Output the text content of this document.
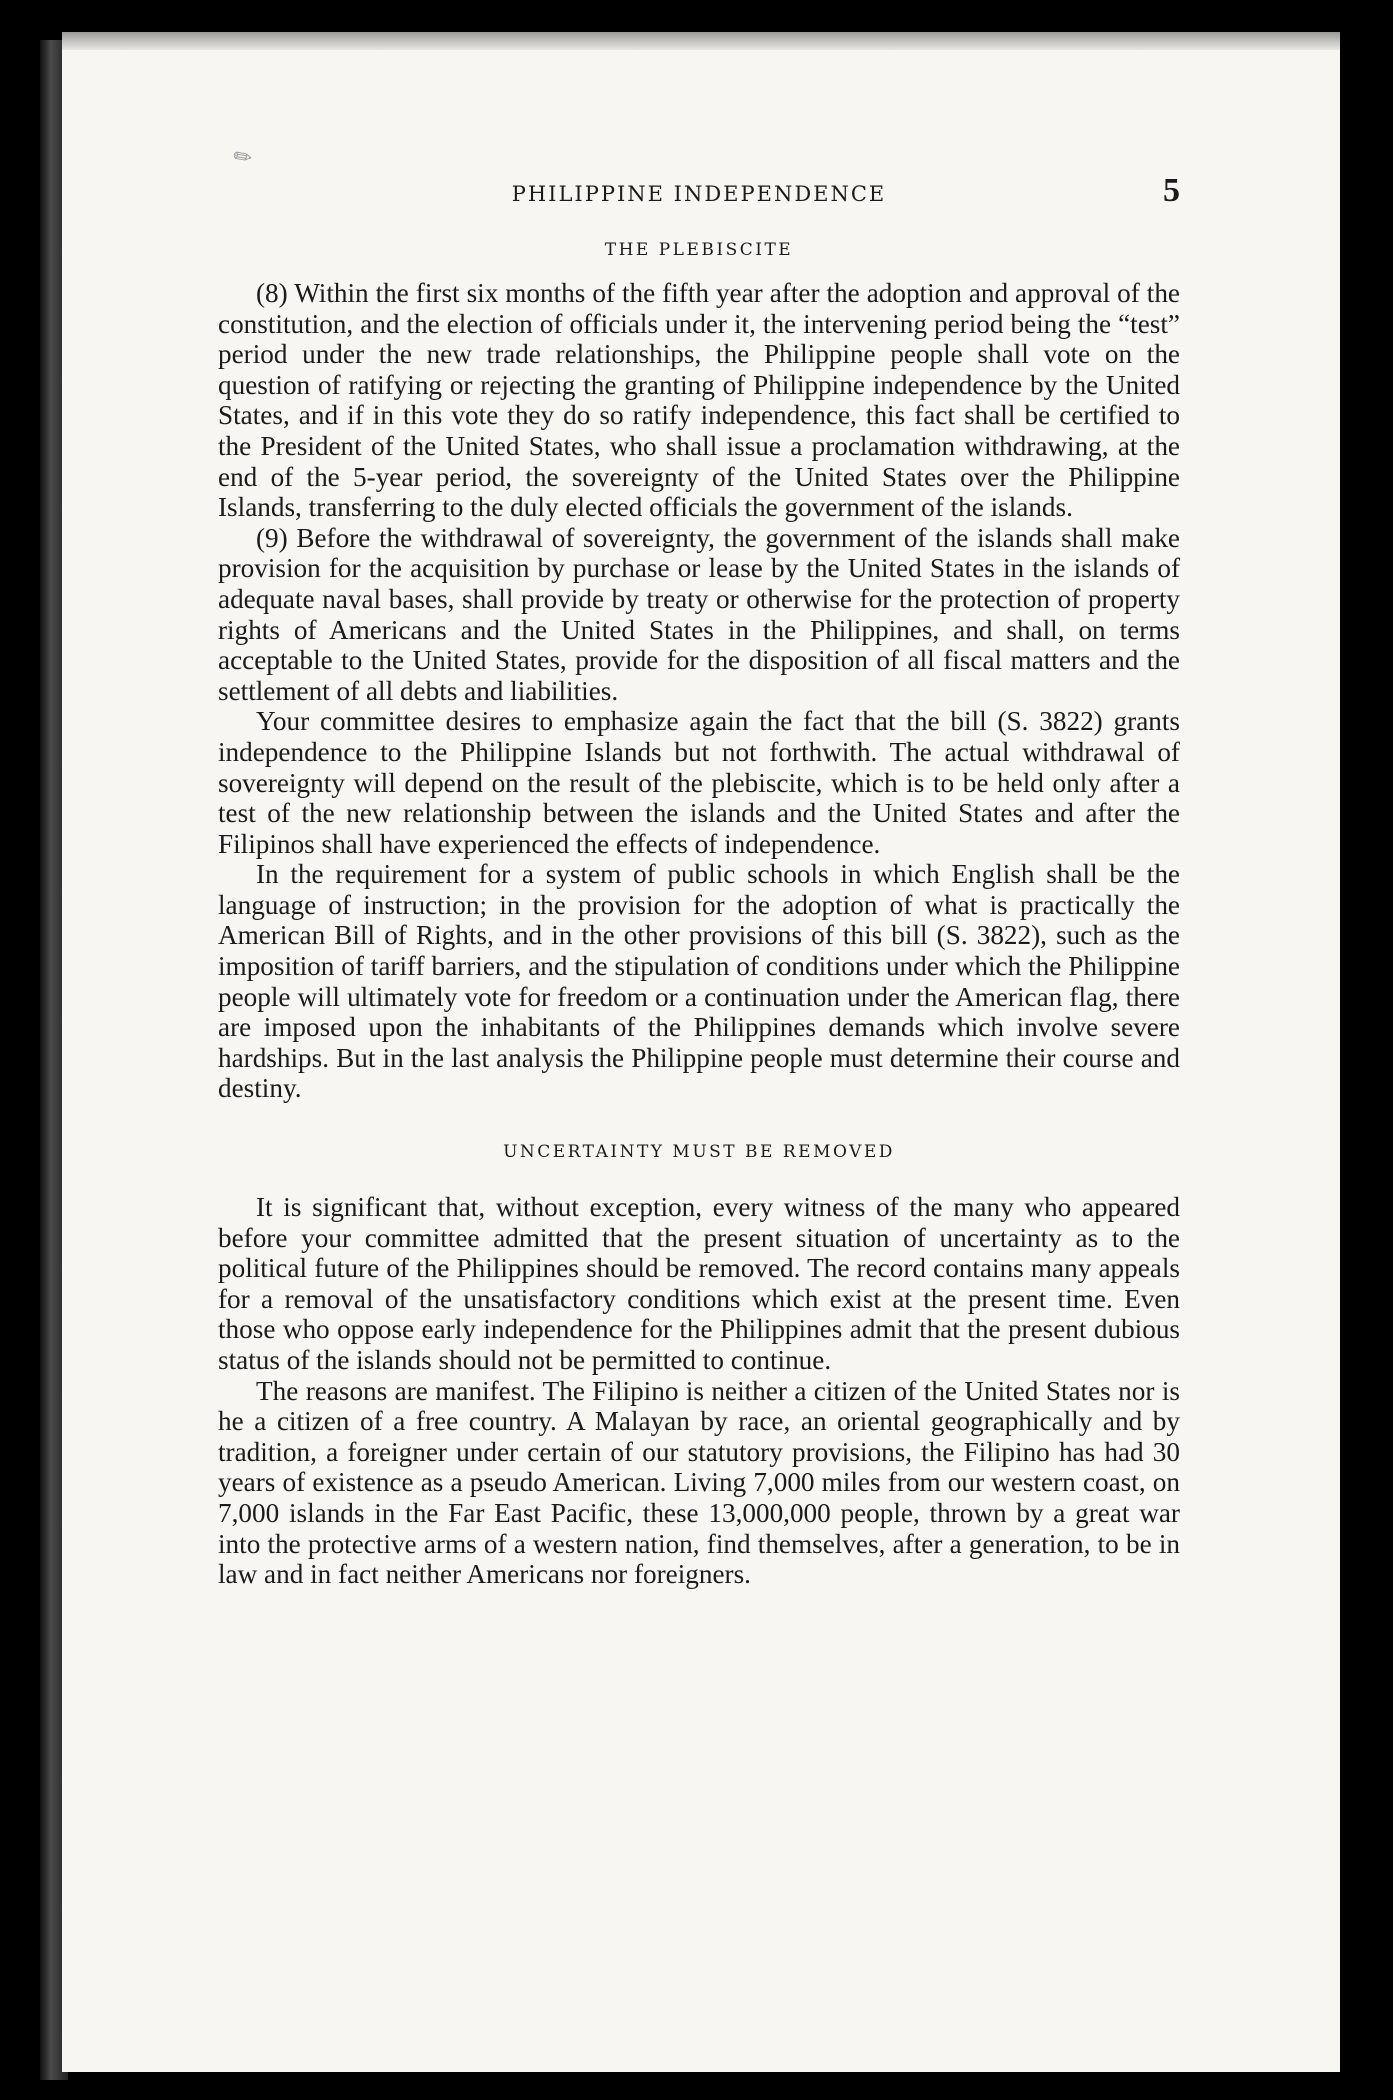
✎
PHILIPPINE INDEPENDENCE	5
THE PLEBISCITE

(8) Within the first six months of the fifth year after the adoption and approval of the constitution, and the election of officials under it, the intervening period being the “test” period under the new trade relationships, the Philippine people shall vote on the question of ratifying or rejecting the granting of Philippine independence by the United States, and if in this vote they do so ratify independence, this fact shall be certified to the President of the United States, who shall issue a proclamation withdrawing, at the end of the 5-year period, the sovereignty of the United States over the Philippine Islands, transferring to the duly elected officials the government of the islands.

(9) Before the withdrawal of sovereignty, the government of the islands shall make provision for the acquisition by purchase or lease by the United States in the islands of adequate naval bases, shall provide by treaty or otherwise for the protection of property rights of Americans and the United States in the Philippines, and shall, on terms acceptable to the United States, provide for the disposition of all fiscal matters and the settlement of all debts and liabilities.

Your committee desires to emphasize again the fact that the bill (S. 3822) grants independence to the Philippine Islands but not forthwith. The actual withdrawal of sovereignty will depend on the result of the plebiscite, which is to be held only after a test of the new relationship between the islands and the United States and after the Filipinos shall have experienced the effects of independence.

In the requirement for a system of public schools in which English shall be the language of instruction; in the provision for the adoption of what is practically the American Bill of Rights, and in the other provisions of this bill (S. 3822), such as the imposition of tariff barriers, and the stipulation of conditions under which the Philippine people will ultimately vote for freedom or a continuation under the American flag, there are imposed upon the inhabitants of the Philippines demands which involve severe hardships. But in the last analysis the Philippine people must determine their course and destiny.

UNCERTAINTY MUST BE REMOVED

It is significant that, without exception, every witness of the many who appeared before your committee admitted that the present situation of uncertainty as to the political future of the Philippines should be removed. The record contains many appeals for a removal of the unsatisfactory conditions which exist at the present time. Even those who oppose early independence for the Philippines admit that the present dubious status of the islands should not be permitted to continue.

The reasons are manifest. The Filipino is neither a citizen of the United States nor is he a citizen of a free country. A Malayan by race, an oriental geographically and by tradition, a foreigner under certain of our statutory provisions, the Filipino has had 30 years of existence as a pseudo American. Living 7,000 miles from our western coast, on 7,000 islands in the Far East Pacific, these 13,000,000 people, thrown by a great war into the protective arms of a western nation, find themselves, after a generation, to be in law and in fact neither Americans nor foreigners.
